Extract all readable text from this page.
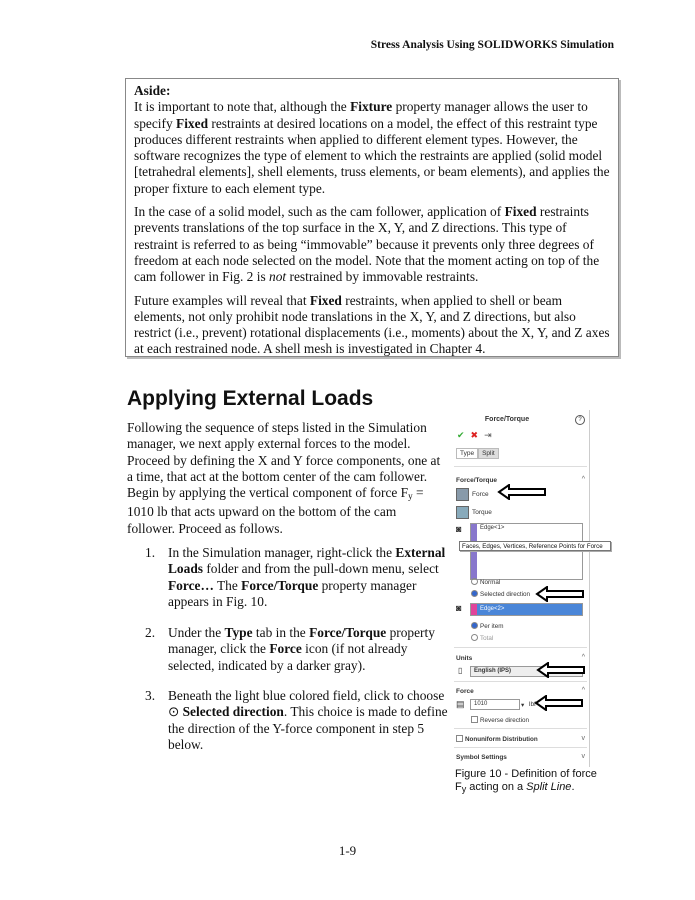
Stress Analysis Using SOLIDWORKS Simulation

Aside:

It is important to note that, although the Fixture property manager allows the user to specify Fixed restraints at desired locations on a model, the effect of this restraint type produces different restraints when applied to different element types. However, the software recognizes the type of element to which the restraints are applied (solid model [tetrahedral elements], shell elements, truss elements, or beam elements), and applies the proper fixture to each element type.

In the case of a solid model, such as the cam follower, application of Fixed restraints prevents translations of the top surface in the X, Y, and Z directions. This type of restraint is referred to as being “immovable” because it prevents only three degrees of freedom at each node selected on the model. Note that the moment acting on top of the cam follower in Fig. 2 is not restrained by immovable restraints.

Future examples will reveal that Fixed restraints, when applied to shell or beam elements, not only prohibit node translations in the X, Y, and Z directions, but also restrict (i.e., prevent) rotational displacements (i.e., moments) about the X, Y, and Z axes at each restrained node. A shell mesh is investigated in Chapter 4.

Applying External Loads
Following the sequence of steps listed in the Simulation manager, we next apply external forces to the model. Proceed by defining the X and Y force components, one at a time, that act at the bottom center of the cam follower. Begin by applying the vertical component of force $F_y = 1010$ lb that acts upward on the bottom of the cam follower. Proceed as follows.
1. In the Simulation manager, right-click the External Loads folder and from the pull-down menu, select Force… The Force/Torque property manager appears in Fig. 10.
2. Under the Type tab in the Force/Torque property manager, click the Force icon (if not already selected, indicated by a darker gray).
3. Beneath the light blue colored field, click to choose ⊙ Selected direction. This choice is made to define the direction of the Y-force component in step 5 below.
Force/Torque	?
✔ ✖ ⇥
Type	Split
Force/Torque	^
Force
Torque
◙	Edge<1>
Normal
Selected direction
◙	Edge<2>
Per item
Total
Units	^
▯	English (IPS)
Force	^
▤	1010	▾ lbf
Reverse direction
Nonuniform Distribution	v
Symbol Settings	v
Faces, Edges, Vertices, Reference Points for Force
Figure 10 - Definition of force
$F_y$ acting on a Split Line.
1-9
